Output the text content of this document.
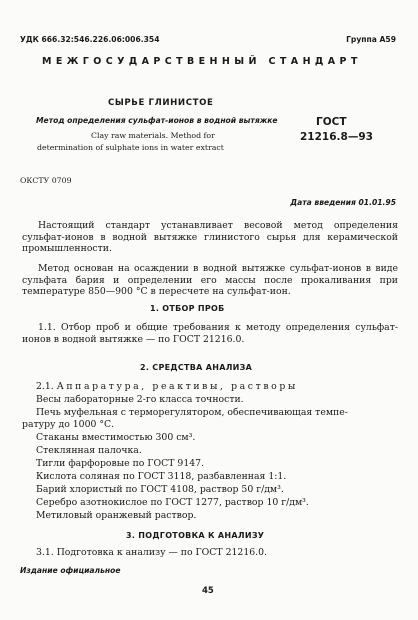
УДК 666.32:546.226.06:006.354	Группа А59
МЕЖГОСУДАРСТВЕННЫЙ СТАНДАРТ
СЫРЬЕ ГЛИНИСТОЕ
Метод определения сульфат-ионов в водной вытяжке
Clay raw materials. Method for
determination of sulphate ions in water extract
ГОСТ
21216.8—93
ОКСТУ 0709
Дата введения 01.01.95
Настоящий стандарт устанавливает весовой метод определения сульфат-ионов в водной вытяжке глинистого сырья для керамической промышленности.
Метод основан на осаждении в водной вытяжке сульфат-ионов в виде сульфата бария и определении его массы после прокаливания при температуре 850—900 °С в пересчете на сульфат-ион.
1. ОТБОР ПРОБ
1.1. Отбор проб и общие требования к методу определения сульфат-ионов в водной вытяжке — по ГОСТ 21216.0.
2. СРЕДСТВА АНАЛИЗА
2.1. Аппаратура, реактивы, растворы
Весы лабораторные 2-го класса точности.
Печь муфельная с терморегулятором, обеспечивающая темпе-
ратуру до 1000 °С.
Стаканы вместимостью 300 см³.
Стеклянная палочка.
Тигли фарфоровые по ГОСТ 9147.
Кислота соляная по ГОСТ 3118, разбавленная 1:1.
Барий хлористый по ГОСТ 4108, раствор 50 г/дм³.
Серебро азотнокислое по ГОСТ 1277, раствор 10 г/дм³.
Метиловый оранжевый раствор.
3. ПОДГОТОВКА К АНАЛИЗУ
3.1. Подготовка к анализу — по ГОСТ 21216.0.
Издание официальное
45
